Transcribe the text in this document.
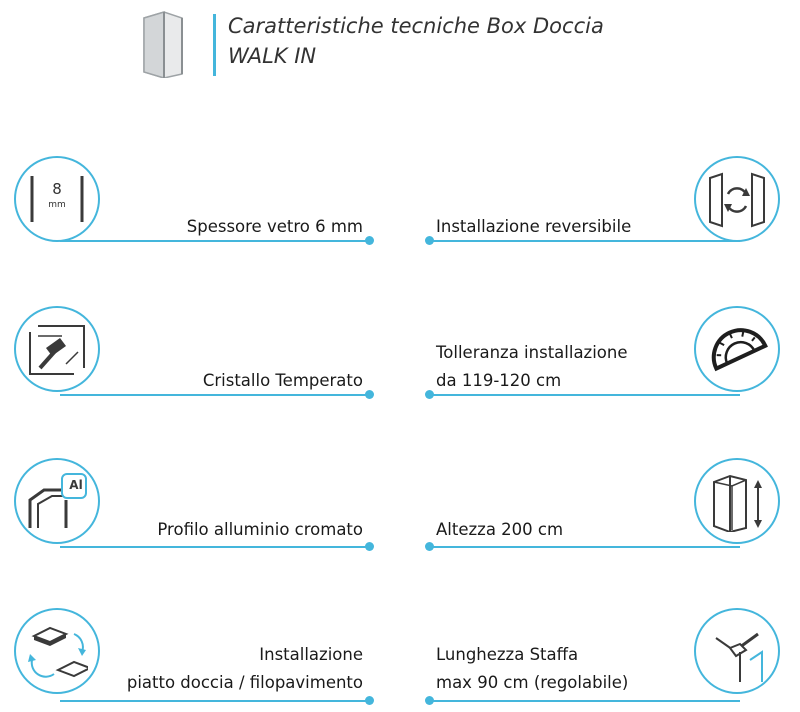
Caratteristiche tecniche Box Doccia
WALK IN
8
mm
Spessore vetro 6 mm	Installazione reversibile
Cristallo Temperato
Tolleranza installazione
da 119-120 cm
Al
Profilo alluminio cromato	Altezza 200 cm
Installazione
piatto doccia / filopavimento
Lunghezza Staffa
max 90 cm (regolabile)
